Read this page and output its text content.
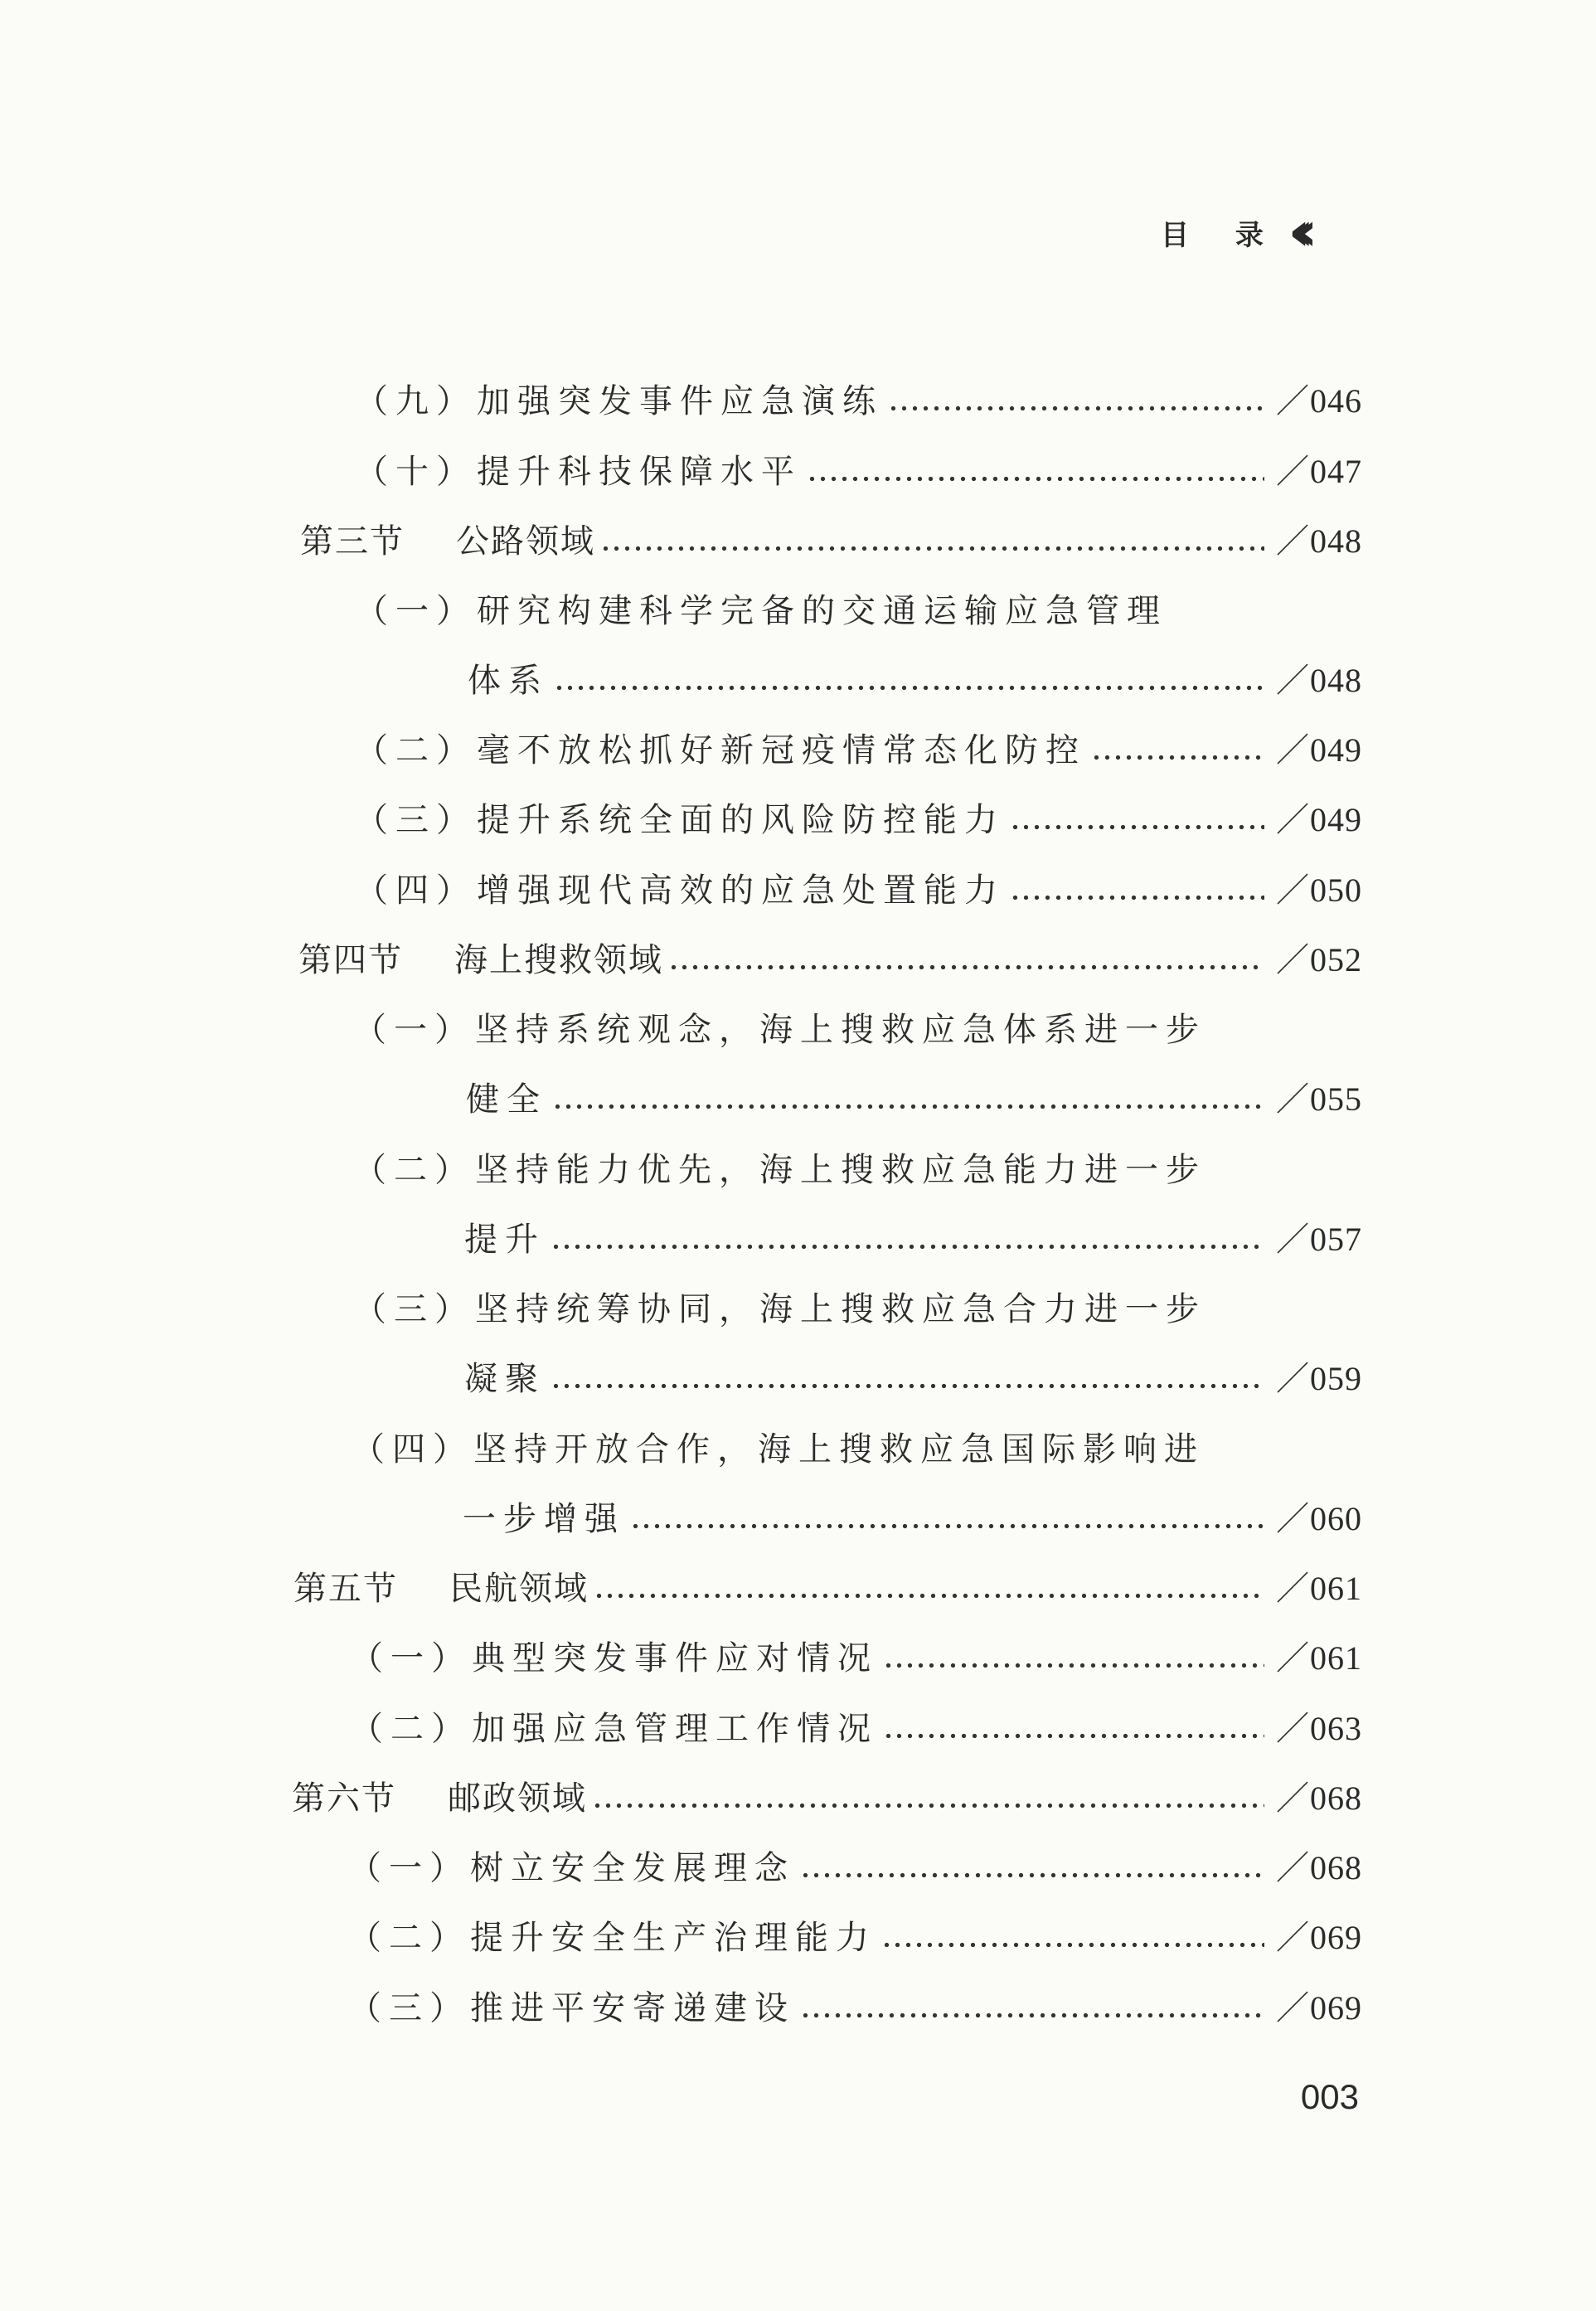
目 录 ‹‹‹
（九）加强突发事件应急演练	／046
（十）提升科技保障水平	／047
第三节 公路领域	／048
（一）研究构建科学完备的交通运输应急管理
体系	／048
（二）毫不放松抓好新冠疫情常态化防控	／049
（三）提升系统全面的风险防控能力	／049
（四）增强现代高效的应急处置能力	／050
第四节 海上搜救领域	／052
（一）坚持系统观念，海上搜救应急体系进一步
健全	／055
（二）坚持能力优先，海上搜救应急能力进一步
提升	／057
（三）坚持统筹协同，海上搜救应急合力进一步
凝聚	／059
（四）坚持开放合作，海上搜救应急国际影响进
一步增强	／060
第五节 民航领域	／061
（一）典型突发事件应对情况	／061
（二）加强应急管理工作情况	／063
第六节 邮政领域	／068
（一）树立安全发展理念	／068
（二）提升安全生产治理能力	／069
（三）推进平安寄递建设	／069
003
